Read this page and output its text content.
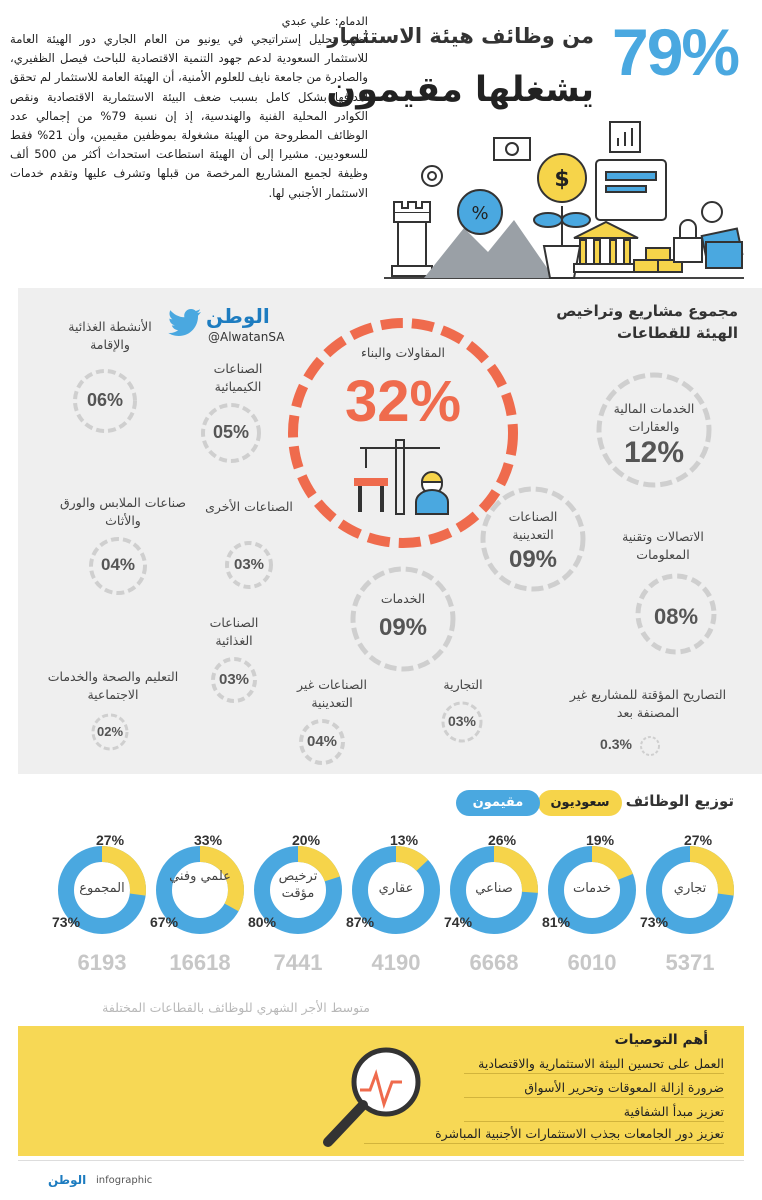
79%
من وظائف هيئة الاستثمار
يشغلها مقيمون
الدمام: علي عبدي
أظهر تحليل إستراتيجي في يونيو من العام الجاري دور الهيئة العامة للاستثمار السعودية لدعم جهود التنمية الاقتصادية للباحث فيصل الظفيري، والصادرة من جامعة نايف للعلوم الأمنية، أن الهيئة العامة للاستثمار لم تحقق أهدافها بشكل كامل بسبب ضعف البيئة الاستثمارية الاقتصادية ونقص الكوادر المحلية الفنية والهندسية، إذ إن نسبة 79% من إجمالي عدد الوظائف المطروحة من الهيئة مشغولة بموظفين مقيمين، وأن 21% فقط للسعوديين. مشيرا إلى أن الهيئة استطاعت استحداث أكثر من 500 ألف وظيفة لجميع المشاريع المرخصة من قبلها وتشرف عليها وتقدم خدمات الاستثمار الأجنبي لها.
%
$
مجموع مشاريع وتراخيص الهيئة للقطاعات
الوطن
@AlwatanSA
المقاولات والبناء
32%	الخدمات المالية والعقارات
12%
الصناعات التعدينية
09%
الاتصالات وتقنية المعلومات
08%
الخدمات
09%
الصناعات الكيميائية
05%
الأنشطة الغذائية والإقامة
06%
الصناعات الأخرى
03%
صناعات الملابس والورق والأثاث
04%
الصناعات الغذائية
03%
التعليم والصحة والخدمات الاجتماعية
02%
الصناعات غير التعدينية
04%
التجارية
03%
التصاريح المؤقتة للمشاريع غير المصنفة بعد
0.3%
توزيع الوظائف
سعوديون
مقيمون
تجاري
27%
73%
5371
خدمات
19%
81%
6010
صناعي
26%
74%
6668
عقاري
13%
87%
4190
ترخيص مؤقت
20%
80%
7441
علمي وفني
33%
67%
16618
المجموع
27%
73%
6193
متوسط الأجر الشهري للوظائف بالقطاعات المختلفة
أهم التوصيات
العمل على تحسين البيئة الاستثمارية والاقتصادية
ضرورة إزالة المعوقات وتحرير الأسواق
تعزيز مبدأ الشفافية
تعزيز دور الجامعات بجذب الاستثمارات الأجنبية المباشرة
الوطن infographic
